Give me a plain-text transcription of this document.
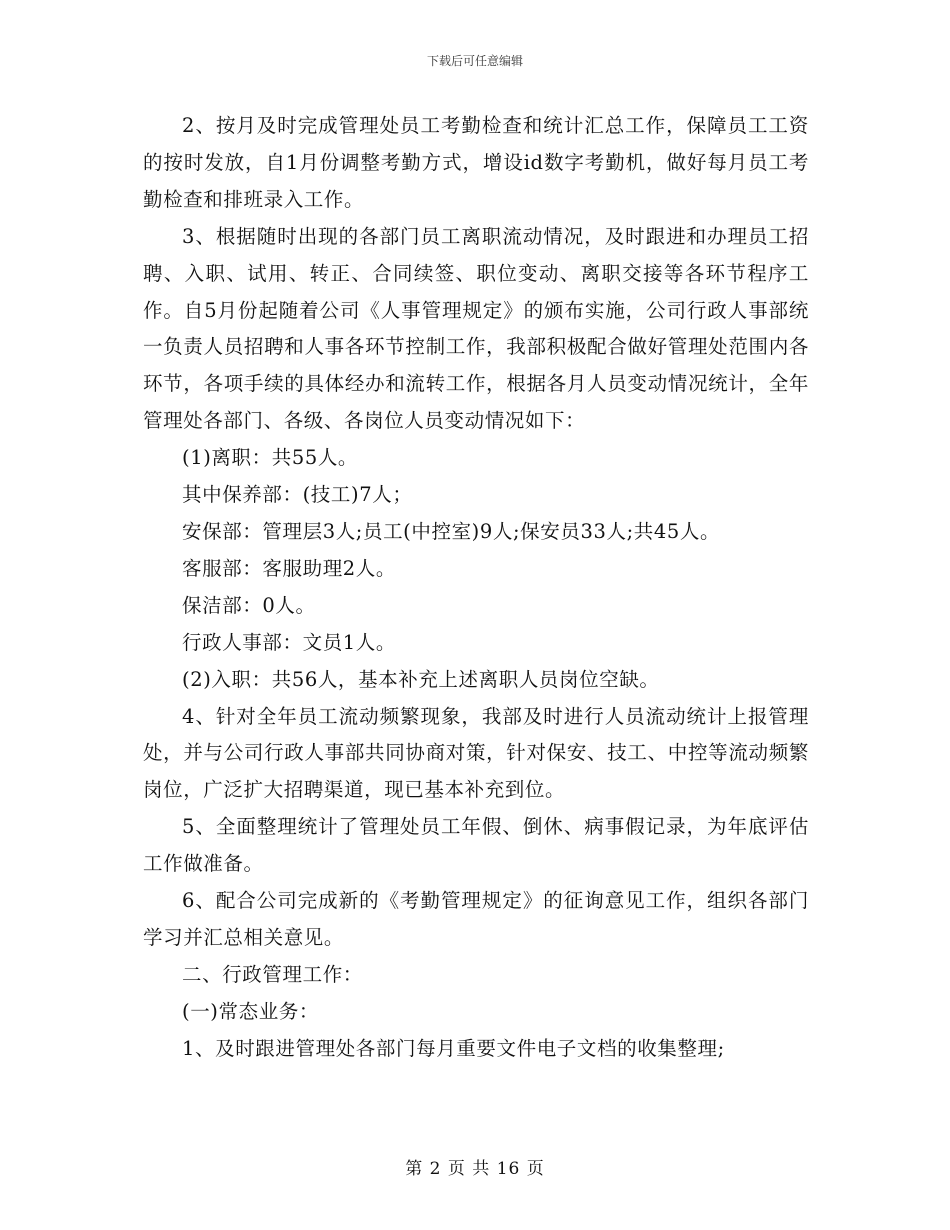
下载后可任意编辑

2、按月及时完成管理处员工考勤检查和统计汇总工作，保障员工工资的按时发放，自1月份调整考勤方式，增设id数字考勤机，做好每月员工考勤检查和排班录入工作。

3、根据随时出现的各部门员工离职流动情况，及时跟进和办理员工招聘、入职、试用、转正、合同续签、职位变动、离职交接等各环节程序工作。自5月份起随着公司《人事管理规定》的颁布实施，公司行政人事部统一负责人员招聘和人事各环节控制工作，我部积极配合做好管理处范围内各环节，各项手续的具体经办和流转工作，根据各月人员变动情况统计，全年管理处各部门、各级、各岗位人员变动情况如下：

(1)离职：共55人。

其中保养部：(技工)7人；

安保部：管理层3人;员工(中控室)9人;保安员33人;共45人。

客服部：客服助理2人。

保洁部：0人。

行政人事部：文员1人。

(2)入职：共56人，基本补充上述离职人员岗位空缺。

4、针对全年员工流动频繁现象，我部及时进行人员流动统计上报管理处，并与公司行政人事部共同协商对策，针对保安、技工、中控等流动频繁岗位，广泛扩大招聘渠道，现已基本补充到位。

5、全面整理统计了管理处员工年假、倒休、病事假记录，为年底评估工作做准备。

6、配合公司完成新的《考勤管理规定》的征询意见工作，组织各部门学习并汇总相关意见。

二、行政管理工作：

(一)常态业务：

1、及时跟进管理处各部门每月重要文件电子文档的收集整理;

第 2 页 共 16 页
